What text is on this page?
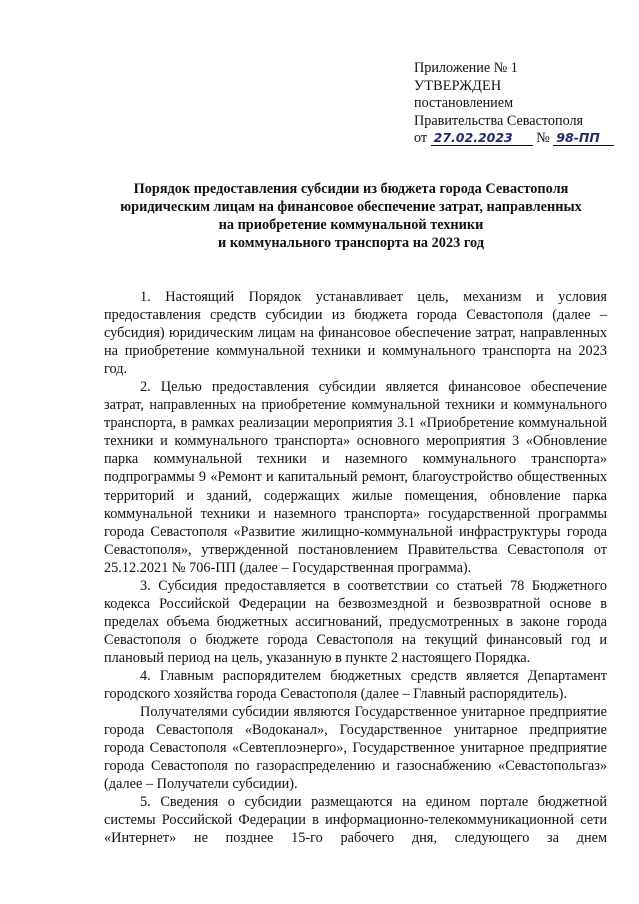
Приложение № 1
УТВЕРЖДЕН
постановлением
Правительства Севастополя
от 27.02.2023 № 98-ПП
Порядок предоставления субсидии из бюджета города Севастополя
юридическим лицам на финансовое обеспечение затрат, направленных
на приобретение коммунальной техники
и коммунального транспорта на 2023 год

1. Настоящий Порядок устанавливает цель, механизм и условия предоставления средств субсидии из бюджета города Севастополя (далее – субсидия) юридическим лицам на финансовое обеспечение затрат, направленных на приобретение коммунальной техники и коммунального транспорта на 2023 год.

2. Целью предоставления субсидии является финансовое обеспечение затрат, направленных на приобретение коммунальной техники и коммунального транспорта, в рамках реализации мероприятия 3.1 «Приобретение коммунальной техники и коммунального транспорта» основного мероприятия 3 «Обновление парка коммунальной техники и наземного коммунального транспорта» подпрограммы 9 «Ремонт и капитальный ремонт, благоустройство общественных территорий и зданий, содержащих жилые помещения, обновление парка коммунальной техники и наземного транспорта» государственной программы города Севастополя «Развитие жилищно-коммунальной инфраструктуры города Севастополя», утвержденной постановлением Правительства Севастополя от 25.12.2021 № 706-ПП (далее – Государственная программа).

3. Субсидия предоставляется в соответствии со статьей 78 Бюджетного кодекса Российской Федерации на безвозмездной и безвозвратной основе в пределах объема бюджетных ассигнований, предусмотренных в законе города Севастополя о бюджете города Севастополя на текущий финансовый год и плановый период на цель, указанную в пункте 2 настоящего Порядка.

4. Главным распорядителем бюджетных средств является Департамент городского хозяйства города Севастополя (далее – Главный распорядитель).

Получателями субсидии являются Государственное унитарное предприятие города Севастополя «Водоканал», Государственное унитарное предприятие города Севастополя «Севтеплоэнерго», Государственное унитарное предприятие города Севастополя по газораспределению и газоснабжению «Севастопольгаз» (далее – Получатели субсидии).

5. Сведения о субсидии размещаются на едином портале бюджетной системы Российской Федерации в информационно-телекоммуникационной сети «Интернет» не позднее 15-го рабочего дня, следующего за днем
